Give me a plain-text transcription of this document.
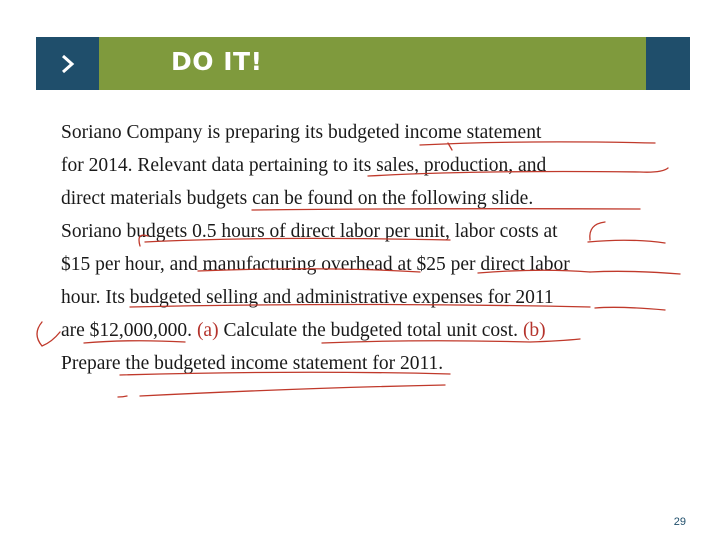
DO IT!
Soriano Company is preparing its budgeted income statement
for 2014. Relevant data pertaining to its sales, production, and
direct materials budgets can be found on the following slide.
Soriano budgets 0.5 hours of direct labor per unit, labor costs at
$15 per hour, and manufacturing overhead at $25 per direct labor
hour. Its budgeted selling and administrative expenses for 2011
are $12,000,000. (a) Calculate the budgeted total unit cost. (b)
Prepare the budgeted income statement for 2011.
29
